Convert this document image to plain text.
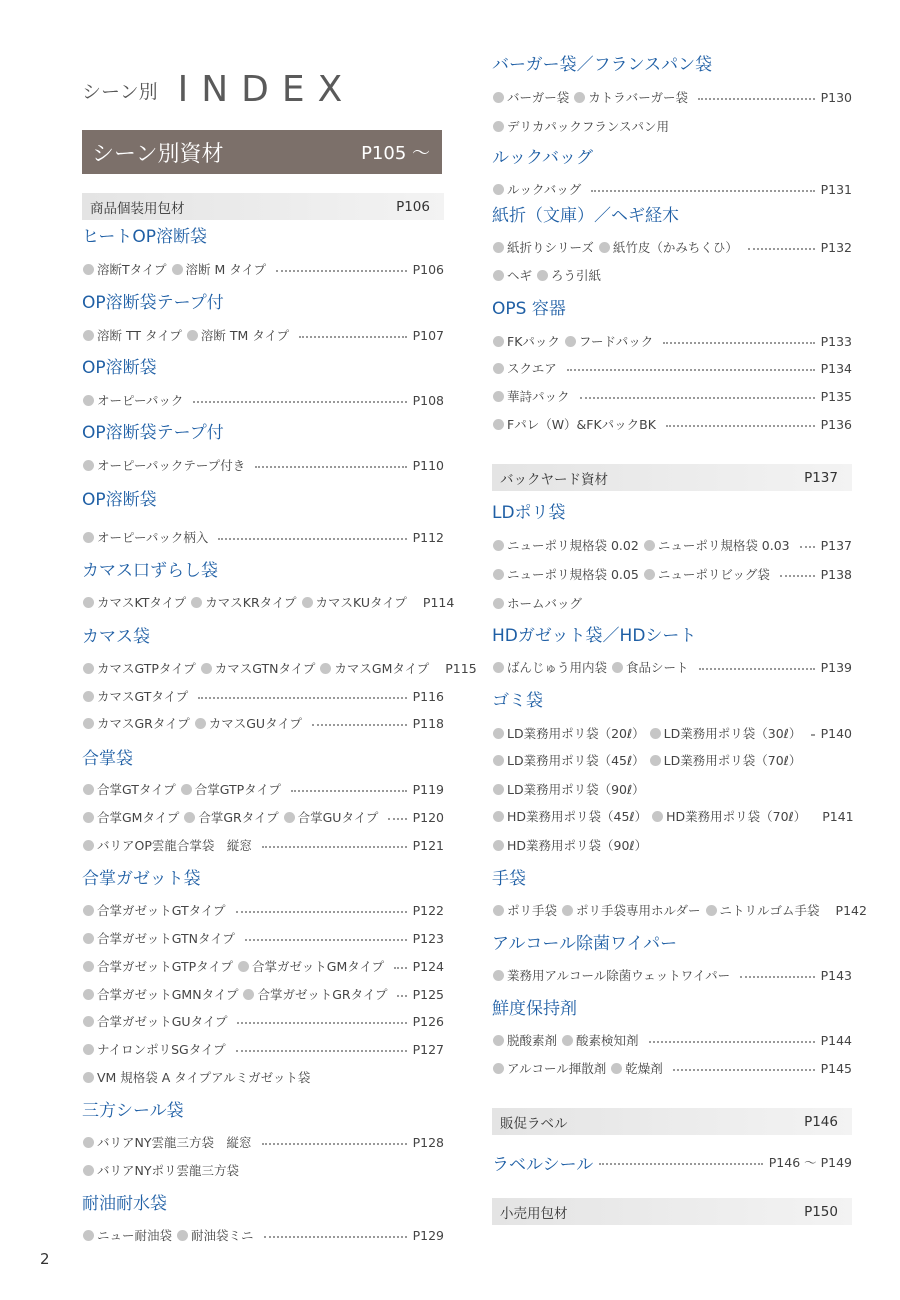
シーン別 INDEX
シーン別資材	P105 ～
商品個装用包材	P106
バックヤード資材	P137
販促ラベル	P146
小売用包材	P150
ヒートOP溶断袋
溶断Tタイプ 溶断 M タイプ	P106
OP溶断袋テープ付
溶断 TT タイプ 溶断 TM タイプ	P107
OP溶断袋
オーピーパック	P108
OP溶断袋テープ付
オーピーパックテープ付き	P110
OP溶断袋
オーピーパック柄入	P112
カマス口ずらし袋
カマスKTタイプ カマスKRタイプ カマスKUタイプ P114
カマス袋
カマスGTPタイプ カマスGTNタイプ カマスGMタイプ P115
カマスGTタイプ	P116
カマスGRタイプ カマスGUタイプ	P118
合掌袋
合掌GTタイプ 合掌GTPタイプ	P119
合掌GMタイプ 合掌GRタイプ 合掌GUタイプ	P120
バリアOP雲龍合掌袋　縦窓	P121
合掌ガゼット袋
合掌ガゼットGTタイプ	P122
合掌ガゼットGTNタイプ	P123
合掌ガゼットGTPタイプ 合掌ガゼットGMタイプ P124
合掌ガゼットGMNタイプ 合掌ガゼットGRタイプ P125
合掌ガゼットGUタイプ	P126
ナイロンポリSGタイプ	P127
VM 規格袋 A タイプアルミガゼット袋
三方シール袋
バリアNY雲龍三方袋　縦窓	P128
バリアNYポリ雲龍三方袋
耐油耐水袋
ニュー耐油袋 耐油袋ミニ	P129
バーガー袋／フランスパン袋
バーガー袋 カトラバーガー袋	P130
デリカパックフランスパン用
ルックバッグ
ルックバッグ	P131
紙折（文庫）／ヘギ経木
紙折りシリーズ 紙竹皮（かみちくひ）	P132
ヘギ ろう引紙
OPS 容器
FKパック フードパック	P133
スクエア	P134
華詩パック	P135
Fパレ（W）&FKパックBK	P136
LDポリ袋
ニューポリ規格袋 0.02 ニューポリ規格袋 0.03 P137
ニューポリ規格袋 0.05 ニューポリビッグ袋	P138
ホームバッグ
HDガゼット袋／HDシート
ばんじゅう用内袋 食品シート	P139
ゴミ袋
LD業務用ポリ袋（20ℓ） LD業務用ポリ袋（30ℓ） P140
LD業務用ポリ袋（45ℓ） LD業務用ポリ袋（70ℓ）
LD業務用ポリ袋（90ℓ）
HD業務用ポリ袋（45ℓ） HD業務用ポリ袋（70ℓ） P141
HD業務用ポリ袋（90ℓ）
手袋
ポリ手袋 ポリ手袋専用ホルダー ニトリルゴム手袋 P142
アルコール除菌ワイパー
業務用アルコール除菌ウェットワイパー	P143
鮮度保持剤
脱酸素剤 酸素検知剤	P144
アルコール揮散剤 乾燥剤	P145
ラベルシール	P146 ～ P149
2
